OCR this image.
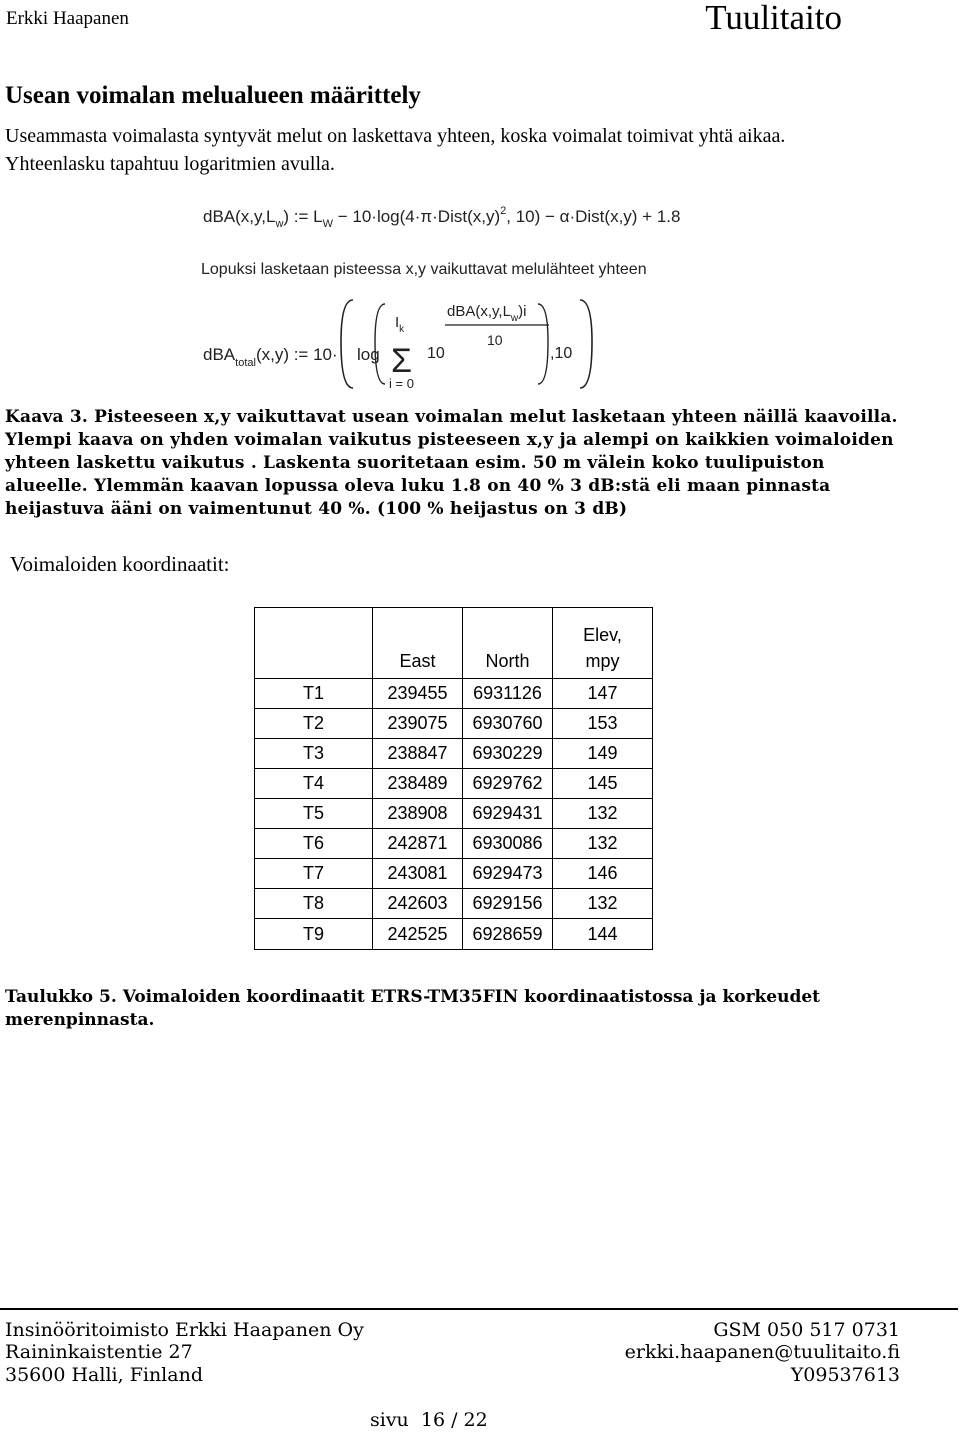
Erkki Haapanen	Tuulitaito
Usean voimalan melualueen määrittely
Useammasta voimalasta syntyvät melut on laskettava yhteen, koska voimalat toimivat yhtä aikaa. Yhteenlasku tapahtuu logaritmien avulla.
$dBA(x,y,L_w)$ := $L_W$ − $10\cdot\log(4\cdot\pi\cdot Dist(x,y)^2$, 10) − α·Dist(x,y) + 1.8
Lopuksi lasketaan pisteessa x,y vaikuttavat melulähteet yhteen
dBA$_{total}$(x,y) := 10· log
$I_k$
Σ
i = 0
10
$dBA(x,y,L_w)i$
10
,10
Kaava 3. Pisteeseen x,y vaikuttavat usean voimalan melut lasketaan yhteen näillä kaavoilla. Ylempi kaava on yhden voimalan vaikutus pisteeseen x,y ja alempi on kaikkien voimaloiden yhteen laskettu vaikutus . Laskenta suoritetaan esim. 50 m välein koko tuulipuiston alueelle. Ylemmän kaavan lopussa oleva luku 1.8 on 40 % 3 dB:stä eli maan pinnasta heijastuva ääni on vaimentunut 40 %. (100 % heijastus on 3 dB)
Voimaloiden koordinaatit:
	East	North	Elev, mpy
T1	239455	6931126	147
T2	239075	6930760	153
T3	238847	6930229	149
T4	238489	6929762	145
T5	238908	6929431	132
T6	242871	6930086	132
T7	243081	6929473	146
T8	242603	6929156	132
T9	242525	6928659	144
Taulukko 5. Voimaloiden koordinaatit ETRS-TM35FIN koordinaatistossa ja korkeudet merenpinnasta.
Insinööritoimisto Erkki Haapanen Oy
Raininkaistentie 27
35600 Halli, Finland
GSM 050 517 0731
erkki.haapanen@tuulitaito.fi
Y09537613
sivu  16 / 22
